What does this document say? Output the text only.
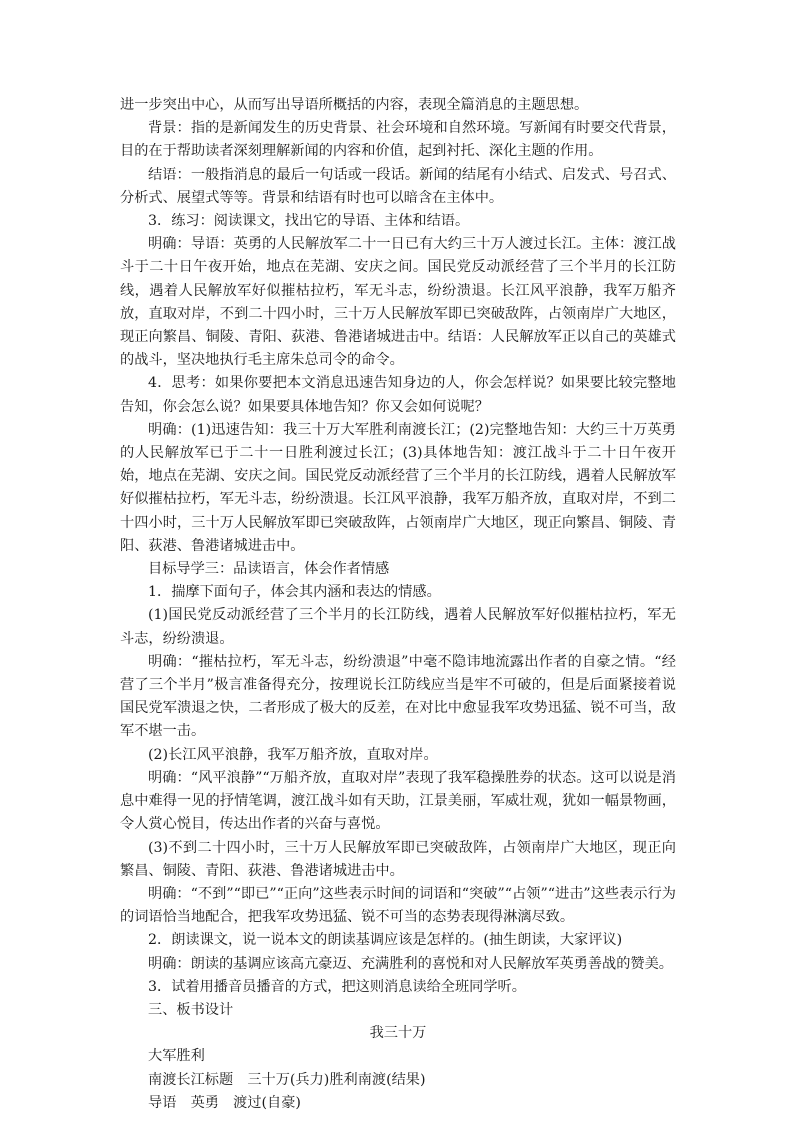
进一步突出中心，从而写出导语所概括的内容，表现全篇消息的主题思想。

背景：指的是新闻发生的历史背景、社会环境和自然环境。写新闻有时要交代背景，目的在于帮助读者深刻理解新闻的内容和价值，起到衬托、深化主题的作用。

结语：一般指消息的最后一句话或一段话。新闻的结尾有小结式、启发式、号召式、分析式、展望式等等。背景和结语有时也可以暗含在主体中。

3．练习：阅读课文，找出它的导语、主体和结语。

明确：导语：英勇的人民解放军二十一日已有大约三十万人渡过长江。主体：渡江战斗于二十日午夜开始，地点在芜湖、安庆之间。国民党反动派经营了三个半月的长江防线，遇着人民解放军好似摧枯拉朽，军无斗志，纷纷溃退。长江风平浪静，我军万船齐放，直取对岸，不到二十四小时，三十万人民解放军即已突破敌阵，占领南岸广大地区，现正向繁昌、铜陵、青阳、荻港、鲁港诸城进击中。结语：人民解放军正以自己的英雄式的战斗，坚决地执行毛主席朱总司令的命令。

4．思考：如果你要把本文消息迅速告知身边的人，你会怎样说？如果要比较完整地告知，你会怎么说？如果要具体地告知？你又会如何说呢？

明确：(1)迅速告知：我三十万大军胜利南渡长江；(2)完整地告知：大约三十万英勇的人民解放军已于二十一日胜利渡过长江；(3)具体地告知：渡江战斗于二十日午夜开始，地点在芜湖、安庆之间。国民党反动派经营了三个半月的长江防线，遇着人民解放军好似摧枯拉朽，军无斗志，纷纷溃退。长江风平浪静，我军万船齐放，直取对岸，不到二十四小时，三十万人民解放军即已突破敌阵，占领南岸广大地区，现正向繁昌、铜陵、青阳、荻港、鲁港诸城进击中。

目标导学三：品读语言，体会作者情感

1．揣摩下面句子，体会其内涵和表达的情感。

(1)国民党反动派经营了三个半月的长江防线，遇着人民解放军好似摧枯拉朽，军无斗志，纷纷溃退。

明确：“摧枯拉朽，军无斗志，纷纷溃退”中毫不隐讳地流露出作者的自豪之情。“经营了三个半月”极言准备得充分，按理说长江防线应当是牢不可破的，但是后面紧接着说国民党军溃退之快，二者形成了极大的反差，在对比中愈显我军攻势迅猛、锐不可当，敌军不堪一击。

(2)长江风平浪静，我军万船齐放，直取对岸。

明确：“风平浪静”“万船齐放，直取对岸”表现了我军稳操胜券的状态。这可以说是消息中难得一见的抒情笔调，渡江战斗如有天助，江景美丽，军威壮观，犹如一幅景物画，令人赏心悦目，传达出作者的兴奋与喜悦。

(3)不到二十四小时，三十万人民解放军即已突破敌阵，占领南岸广大地区，现正向繁昌、铜陵、青阳、荻港、鲁港诸城进击中。

明确：“不到”“即已”“正向”这些表示时间的词语和“突破”“占领”“进击”这些表示行为的词语恰当地配合，把我军攻势迅猛、锐不可当的态势表现得淋漓尽致。

2．朗读课文，说一说本文的朗读基调应该是怎样的。(抽生朗读，大家评议)

明确：朗读的基调应该高亢豪迈、充满胜利的喜悦和对人民解放军英勇善战的赞美。

3．试着用播音员播音的方式，把这则消息读给全班同学听。

三、板书设计

我三十万

大军胜利

南渡长江标题　三十万(兵力)胜利南渡(结果)

导语　英勇　渡过(自豪)
